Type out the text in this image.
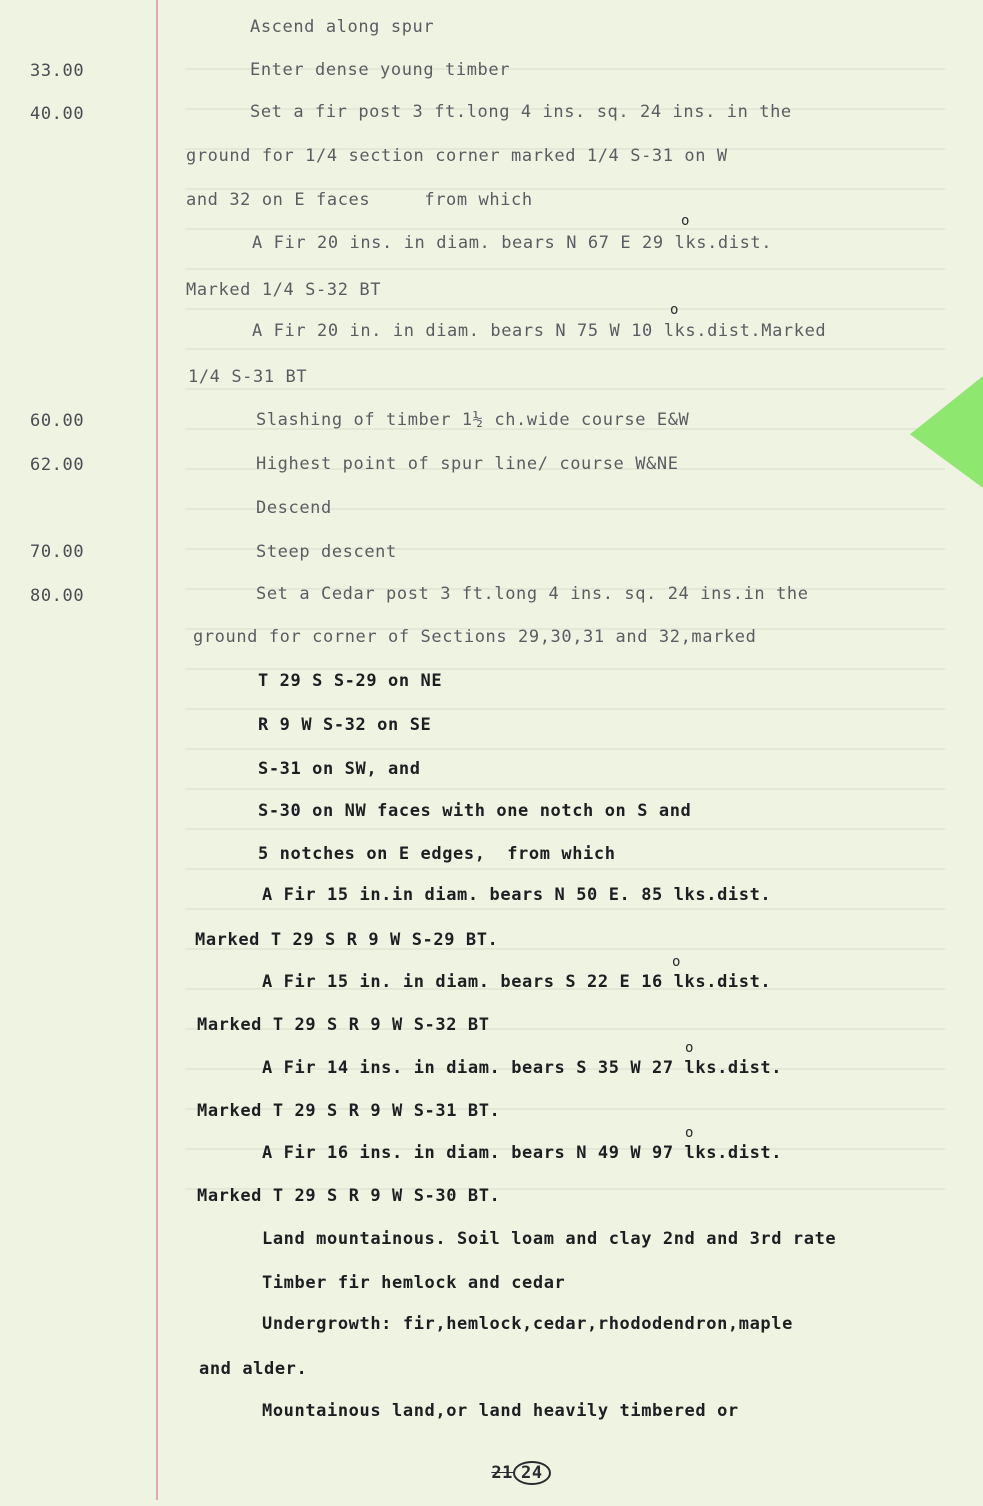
33.00
40.00
60.00
62.00
70.00
80.00
Ascend along spur
Enter dense young timber
Set a fir post 3 ft.long 4 ins. sq. 24 ins. in the
ground for 1/4 section corner marked 1/4 S-31 on W
and 32 on E faces     from which
o
A Fir 20 ins. in diam. bears N 67 E 29 lks.dist.
Marked 1/4 S-32 BT
o
A Fir 20 in. in diam. bears N 75 W 10 lks.dist.Marked
1/4 S-31 BT
Slashing of timber 1½ ch.wide course E&W
Highest point of spur line/ course W&NE
Descend
Steep descent
Set a Cedar post 3 ft.long 4 ins. sq. 24 ins.in the
ground for corner of Sections 29,30,31 and 32,marked
T 29 S S-29 on NE
R 9 W S-32 on SE
S-31 on SW, and
S-30 on NW faces with one notch on S and
5 notches on E edges,  from which
A Fir 15 in.in diam. bears N 50 E. 85 lks.dist.
Marked T 29 S R 9 W S-29 BT.
o
A Fir 15 in. in diam. bears S 22 E 16 lks.dist.
Marked T 29 S R 9 W S-32 BT
o
A Fir 14 ins. in diam. bears S 35 W 27 lks.dist.
Marked T 29 S R 9 W S-31 BT.
o
A Fir 16 ins. in diam. bears N 49 W 97 lks.dist.
Marked T 29 S R 9 W S-30 BT.
Land mountainous. Soil loam and clay 2nd and 3rd rate
Timber fir hemlock and cedar
Undergrowth: fir,hemlock,cedar,rhododendron,maple
and alder.
Mountainous land,or land heavily timbered or

21 24
